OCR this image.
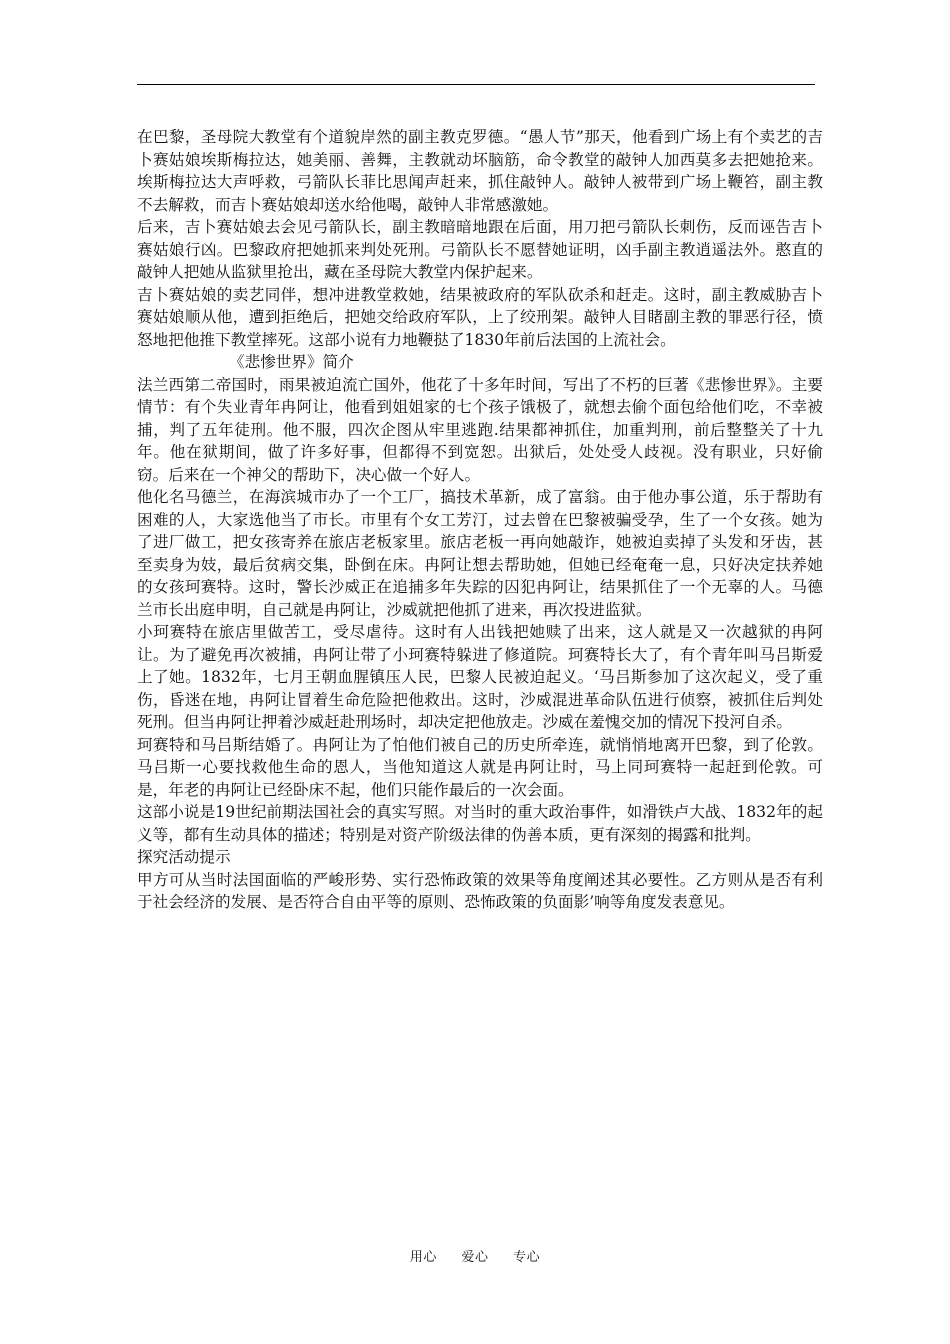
在巴黎，圣母院大教堂有个道貌岸然的副主教克罗德。“愚人节”那天，他看到广场上有个卖艺的吉卜赛姑娘埃斯梅拉达，她美丽、善舞，主教就动坏脑筋，命令教堂的敲钟人加西莫多去把她抢来。埃斯梅拉达大声呼救，弓箭队长菲比思闻声赶来，抓住敲钟人。敲钟人被带到广场上鞭笞，副主教不去解救，而吉卜赛姑娘却送水给他喝，敲钟人非常感激她。

后来，吉卜赛姑娘去会见弓箭队长，副主教暗暗地跟在后面，用刀把弓箭队长刺伤，反而诬告吉卜赛姑娘行凶。巴黎政府把她抓来判处死刑。弓箭队长不愿替她证明，凶手副主教逍遥法外。憨直的敲钟人把她从监狱里抢出，藏在圣母院大教堂内保护起来。

吉卜赛姑娘的卖艺同伴，想冲进教堂救她，结果被政府的军队砍杀和赶走。这时，副主教威胁吉卜赛姑娘顺从他，遭到拒绝后，把她交给政府军队，上了绞刑架。敲钟人目睹副主教的罪恶行径，愤怒地把他推下教堂摔死。这部小说有力地鞭挞了1830年前后法国的上流社会。

《悲惨世界》简介

法兰西第二帝国时，雨果被迫流亡国外，他花了十多年时间，写出了不朽的巨著《悲惨世界》。主要情节：有个失业青年冉阿让，他看到姐姐家的七个孩子饿极了，就想去偷个面包给他们吃，不幸被捕，判了五年徒刑。他不服，四次企图从牢里逃跑.结果都神抓住，加重判刑，前后整整关了十九年。他在狱期间，做了许多好事，但都得不到宽恕。出狱后，处处受人歧视。没有职业，只好偷窃。后来在一个神父的帮助下，决心做一个好人。

他化名马德兰，在海滨城市办了一个工厂，搞技术革新，成了富翁。由于他办事公道，乐于帮助有困难的人，大家选他当了市长。市里有个女工芳汀，过去曾在巴黎被骗受孕，生了一个女孩。她为了进厂做工，把女孩寄养在旅店老板家里。旅店老板一再向她敲诈，她被迫卖掉了头发和牙齿，甚至卖身为妓，最后贫病交集，卧倒在床。冉阿让想去帮助她，但她已经奄奄一息，只好决定扶养她的女孩珂赛特。这时，警长沙威正在追捕多年失踪的囚犯冉阿让，结果抓住了一个无辜的人。马德兰市长出庭申明，自己就是冉阿让，沙威就把他抓了进来，再次投进监狱。

小珂赛特在旅店里做苦工，受尽虐待。这时有人出钱把她赎了出来，这人就是又一次越狱的冉阿让。为了避免再次被捕，冉阿让带了小珂赛特躲进了修道院。珂赛特长大了，有个青年叫马吕斯爱上了她。1832年，七月王朝血腥镇压人民，巴黎人民被迫起义。‘马吕斯参加了这次起义，受了重伤，昏迷在地，冉阿让冒着生命危险把他救出。这时，沙威混进革命队伍进行侦察，被抓住后判处死刑。但当冉阿让押着沙威赶赴刑场时，却决定把他放走。沙威在羞愧交加的情况下投河自杀。

珂赛特和马吕斯结婚了。冉阿让为了怕他们被自己的历史所牵连，就悄悄地离开巴黎，到了伦敦。马吕斯一心要找救他生命的恩人，当他知道这人就是冉阿让时，马上同珂赛特一起赶到伦敦。可是，年老的冉阿让已经卧床不起，他们只能作最后的一次会面。

这部小说是19世纪前期法国社会的真实写照。对当时的重大政治事件，如滑铁卢大战、1832年的起义等，都有生动具体的描述；特别是对资产阶级法律的伪善本质，更有深刻的揭露和批判。

探究活动提示

甲方可从当时法国面临的严峻形势、实行恐怖政策的效果等角度阐述其必要性。乙方则从是否有利于社会经济的发展、是否符合自由平等的原则、恐怖政策的负面影’响等角度发表意见。

用心 爱心 专心
